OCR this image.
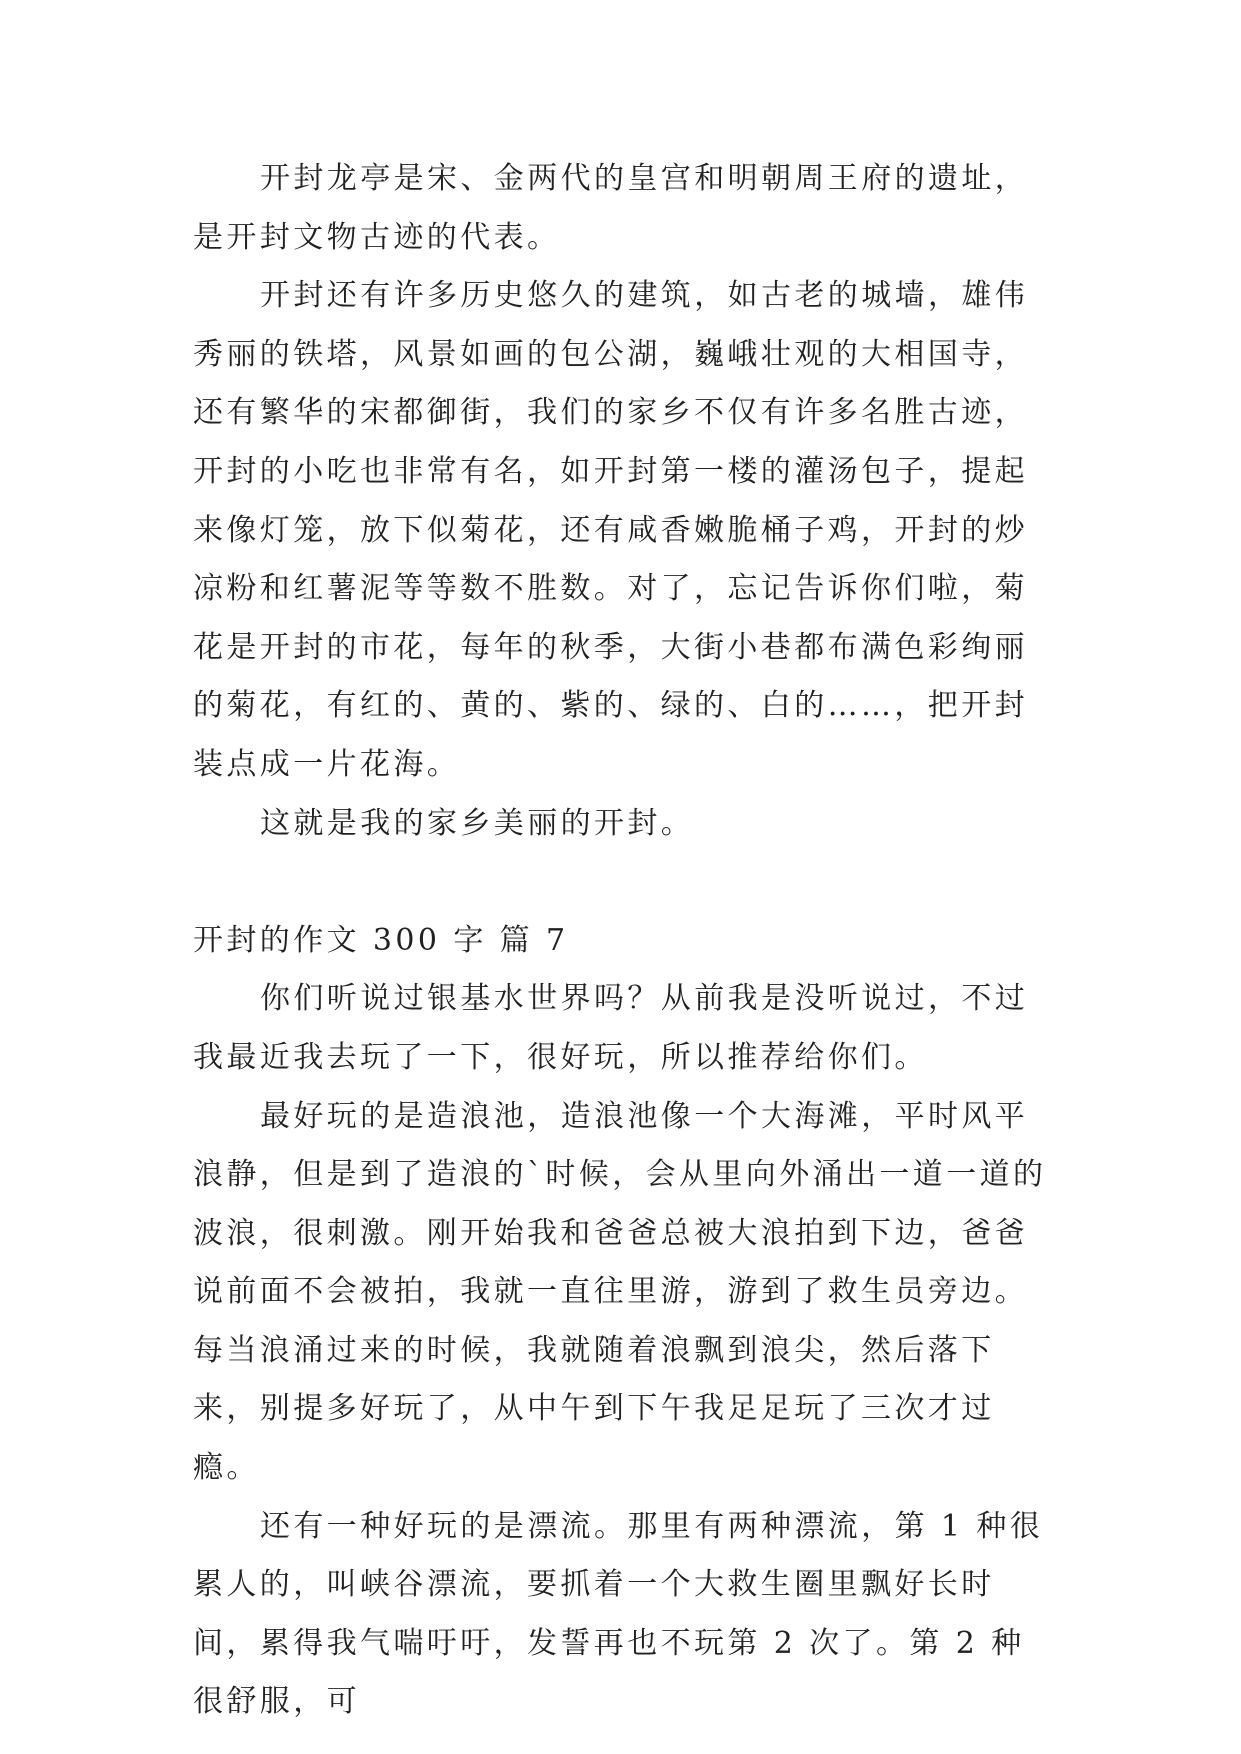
开封龙亭是宋、金两代的皇宫和明朝周王府的遗址，是开封文物古迹的代表。

开封还有许多历史悠久的建筑，如古老的城墙，雄伟秀丽的铁塔，风景如画的包公湖，巍峨壮观的大相国寺，还有繁华的宋都御街，我们的家乡不仅有许多名胜古迹，开封的小吃也非常有名，如开封第一楼的灌汤包子，提起来像灯笼，放下似菊花，还有咸香嫩脆桶子鸡，开封的炒凉粉和红薯泥等等数不胜数。对了，忘记告诉你们啦，菊花是开封的市花，每年的秋季，大街小巷都布满色彩绚丽的菊花，有红的、黄的、紫的、绿的、白的……，把开封装点成一片花海。

这就是我的家乡美丽的开封。

开封的作文 300 字 篇 7

你们听说过银基水世界吗？从前我是没听说过，不过我最近我去玩了一下，很好玩，所以推荐给你们。

最好玩的是造浪池，造浪池像一个大海滩，平时风平浪静，但是到了造浪的`时候，会从里向外涌出一道一道的波浪，很刺激。刚开始我和爸爸总被大浪拍到下边，爸爸说前面不会被拍，我就一直往里游，游到了救生员旁边。每当浪涌过来的时候，我就随着浪飘到浪尖，然后落下来，别提多好玩了，从中午到下午我足足玩了三次才过瘾。

还有一种好玩的是漂流。那里有两种漂流，第 1 种很累人的，叫峡谷漂流，要抓着一个大救生圈里飘好长时间，累得我气喘吁吁，发誓再也不玩第 2 次了。第 2 种很舒服，可
